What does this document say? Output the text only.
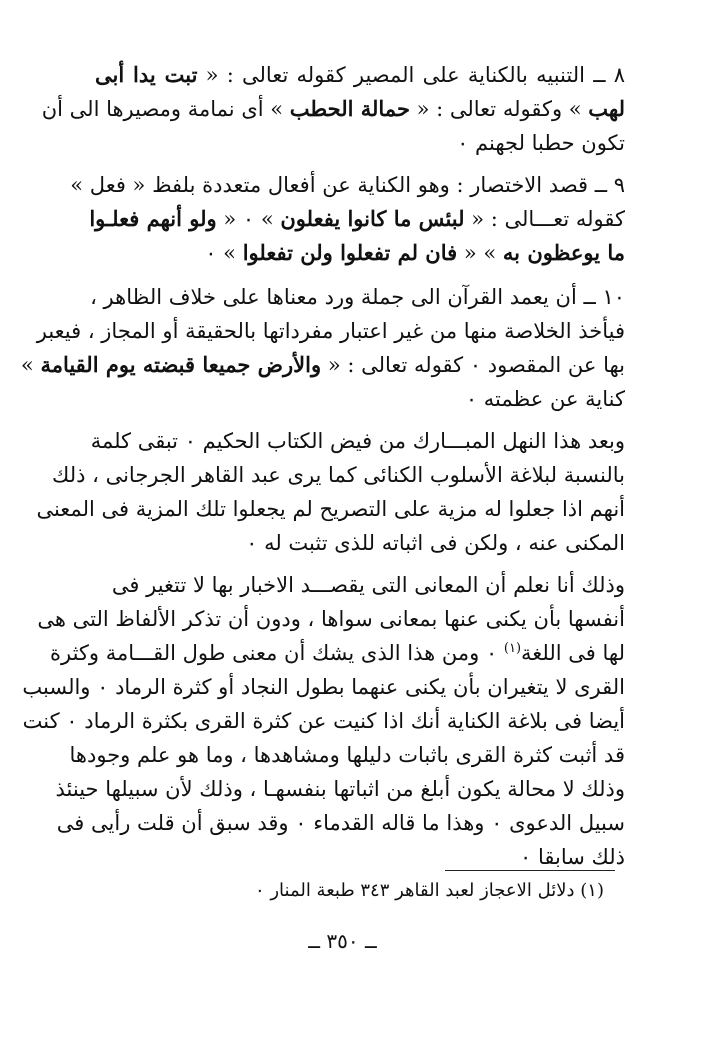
٨ ــ التنبيه بالكناية على المصير كقوله تعالى : « تبت يدا أبى
لهب » وكقوله تعالى : « حمالة الحطب » أى نمامة ومصيرها الى أن
تكون حطبا لجهنم ٠
٩ ــ قصد الاختصار : وهو الكناية عن أفعال متعددة بلفظ « فعل »
كقوله تعـــالى : « لبئس ما كانوا يفعلون » ٠ « ولو أنهم فعلـوا
ما يوعظون به » « فان لم تفعلوا ولن تفعلوا » ٠
١٠ ــ أن يعمد القرآن الى جملة ورد معناها على خلاف الظاهر ،
فيأخذ الخلاصة منها من غير اعتبار مفرداتها بالحقيقة أو المجاز ، فيعبر
بها عن المقصود ٠ كقوله تعالى : « والأرض جميعا قبضته يوم القيامة »
كناية عن عظمته ٠
وبعد هذا النهل المبـــارك من فيض الكتاب الحكيم ٠ تبقى كلمة
بالنسبة لبلاغة الأسلوب الكنائى كما يرى عبد القاهر الجرجانى ، ذلك
أنهم اذا جعلوا له مزية على التصريح لم يجعلوا تلك المزية فى المعنى
المكنى عنه ، ولكن فى اثباته للذى تثبت له ٠
وذلك أنا نعلم أن المعانى التى يقصـــد الاخبار بها لا تتغير فى
أنفسها بأن يكنى عنها بمعانى سواها ، ودون أن تذكر الألفاظ التى هى
لها فى اللغة$^{(١)}$ ٠ ومن هذا الذى يشك أن معنى طول القـــامة وكثرة
القرى لا يتغيران بأن يكنى عنهما بطول النجاد أو كثرة الرماد ٠ والسبب
أيضا فى بلاغة الكناية أنك اذا كنيت عن كثرة القرى بكثرة الرماد ٠ كنت
قد أثبت كثرة القرى باثبات دليلها ومشاهدها ، وما هو علم وجودها
وذلك لا محالة يكون أبلغ من اثباتها بنفسهـا ، وذلك لأن سبيلها حينئذ
سبيل الدعوى ٠ وهذا ما قاله القدماء ٠ وقد سبق أن قلت رأيى فى
ذلك سابقا ٠
(١) دلائل الاعجاز لعبد القاهر ٣٤٣ طبعة المنار ٠
ــ ٣٥٠ ــ
